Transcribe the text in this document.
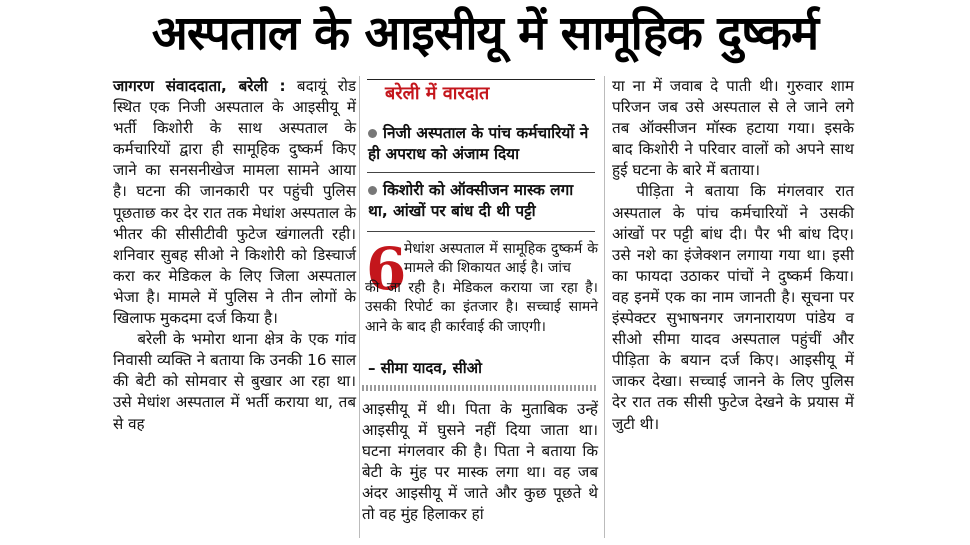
अस्पताल के आइसीयू में सामूहिक दुष्कर्म

जागरण संवाददाता, बरेली : बदायूं रोड स्थित एक निजी अस्पताल के आइसीयू में भर्ती किशोरी के साथ अस्पताल के कर्मचारियों द्वारा ही सामूहिक दुष्कर्म किए जाने का सनसनीखेज मामला सामने आया है। घटना की जानकारी पर पहुंची पुलिस पूछताछ कर देर रात तक मेधांश अस्पताल के भीतर की सीसीटीवी फुटेज खंगालती रही। शनिवार सुबह सीओ ने किशोरी को डिस्चार्ज करा कर मेडिकल के लिए जिला अस्पताल भेजा है। मामले में पुलिस ने तीन लोगों के खिलाफ मुकदमा दर्ज किया है।

बरेली के भमोरा थाना क्षेत्र के एक गांव निवासी व्यक्ति ने बताया कि उनकी 16 साल की बेटी को सोमवार से बुखार आ रहा था। उसे मेधांश अस्पताल में भर्ती कराया था, तब से वह

बरेली में वारदात
निजी अस्पताल के पांच कर्मचारियों ने ही अपराध को अंजाम दिया
किशोरी को ऑक्सीजन मास्क लगा था, आंखों पर बांध दी थी पट्टी
6
मेधांश अस्पताल में सामूहिक दुष्कर्म के मामले की शिकायत आई है। जांच
की जा रही है। मेडिकल कराया जा रहा है। उसकी रिपोर्ट का इंतजार है। सच्चाई सामने आने के बाद ही कार्रवाई की जाएगी।
– सीमा यादव, सीओ
आइसीयू में थी। पिता के मुताबिक उन्हें आइसीयू में घुसने नहीं दिया जाता था। घटना मंगलवार की है। पिता ने बताया कि बेटी के मुंह पर मास्क लगा था। वह जब अंदर आइसीयू में जाते और कुछ पूछते थे तो वह मुंह हिलाकर हां

या ना में जवाब दे पाती थी। गुरुवार शाम परिजन जब उसे अस्पताल से ले जाने लगे तब ऑक्सीजन मॉस्क हटाया गया। इसके बाद किशोरी ने परिवार वालों को अपने साथ हुई घटना के बारे में बताया।

पीड़िता ने बताया कि मंगलवार रात अस्पताल के पांच कर्मचारियों ने उसकी आंखों पर पट्टी बांध दी। पैर भी बांध दिए। उसे नशे का इंजेक्शन लगाया गया था। इसी का फायदा उठाकर पांचों ने दुष्कर्म किया। वह इनमें एक का नाम जानती है। सूचना पर इंस्पेक्टर सुभाषनगर जगनारायण पांडेय व सीओ सीमा यादव अस्पताल पहुंचीं और पीड़िता के बयान दर्ज किए। आइसीयू में जाकर देखा। सच्चाई जानने के लिए पुलिस देर रात तक सीसी फुटेज देखने के प्रयास में जुटी थी।
